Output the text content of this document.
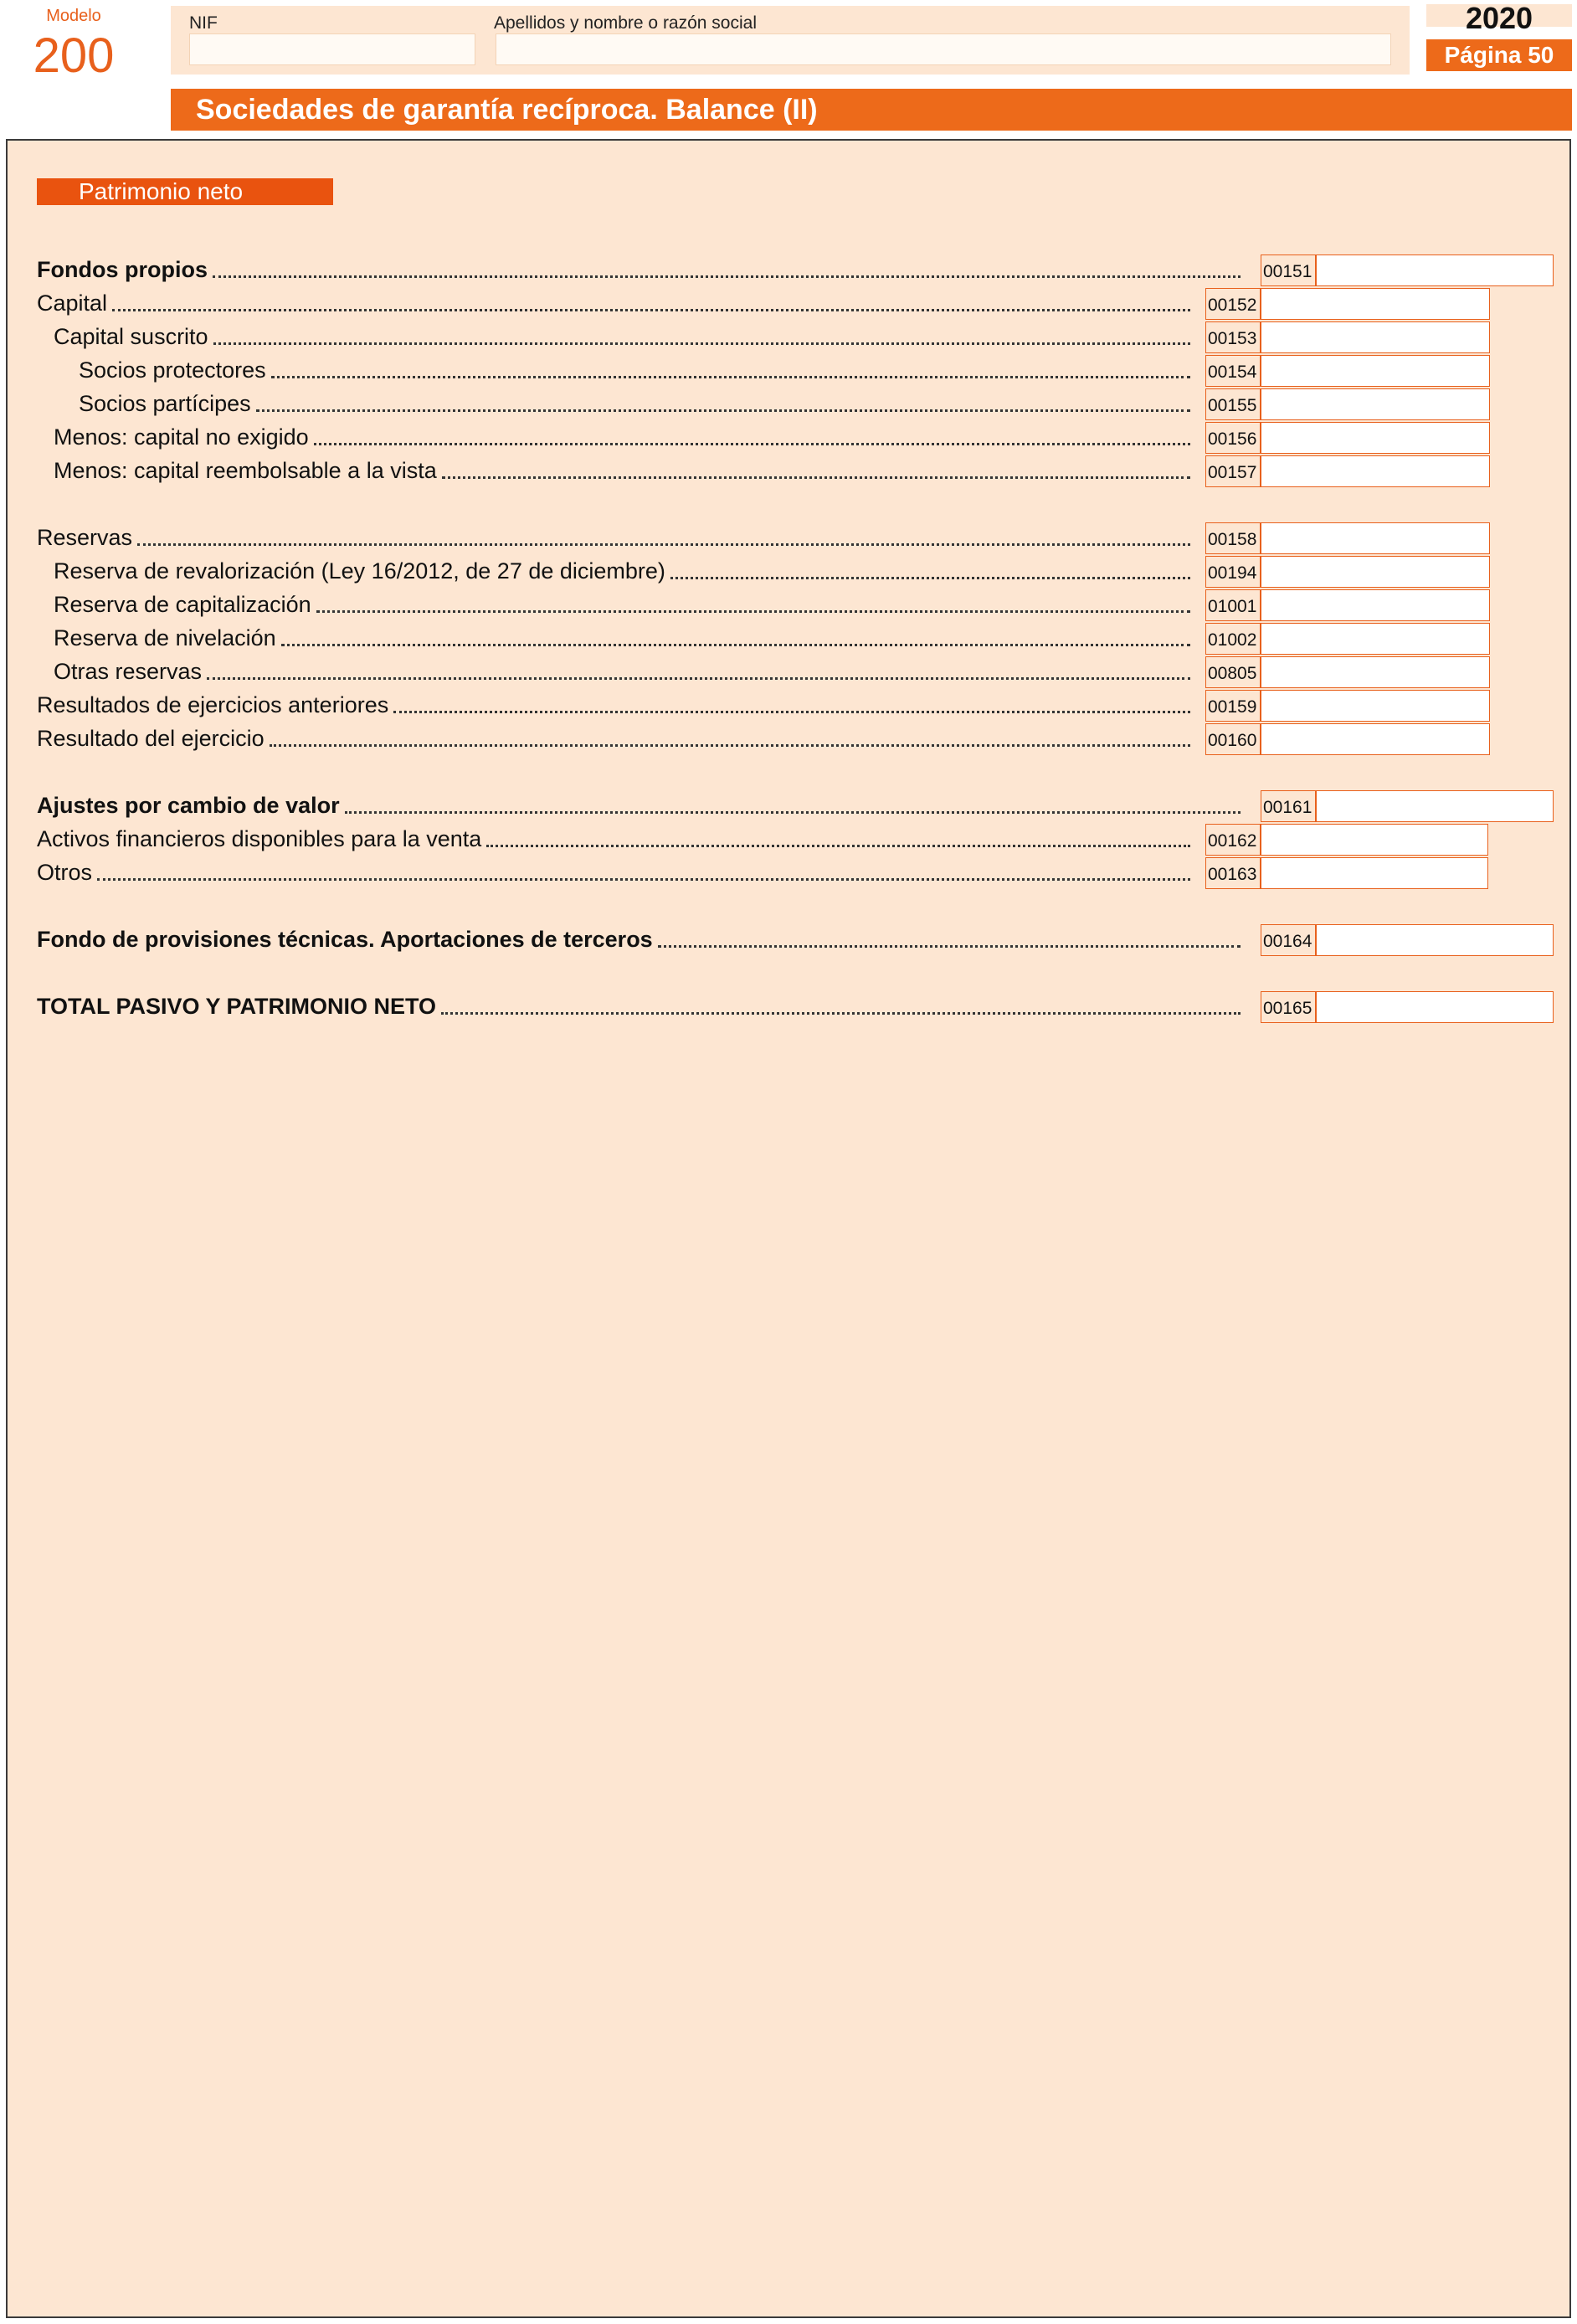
Modelo
200
NIF	Apellidos y nombre o razón social	2020
Página 50
Sociedades de garantía recíproca. Balance (II)
Patrimonio neto
Fondos propios	00151
Capital	00152
Capital suscrito	00153
Socios protectores	00154
Socios partícipes	00155
Menos: capital no exigido	00156
Menos: capital reembolsable a la vista	00157
Reservas	00158
Reserva de revalorización (Ley 16/2012, de 27 de diciembre)	00194
Reserva de capitalización	01001
Reserva de nivelación	01002
Otras reservas	00805
Resultados de ejercicios anteriores	00159
Resultado del ejercicio	00160
Ajustes por cambio de valor	00161
Activos financieros disponibles para la venta	00162
Otros	00163
Fondo de provisiones técnicas. Aportaciones de terceros	00164
TOTAL PASIVO Y PATRIMONIO NETO	00165
